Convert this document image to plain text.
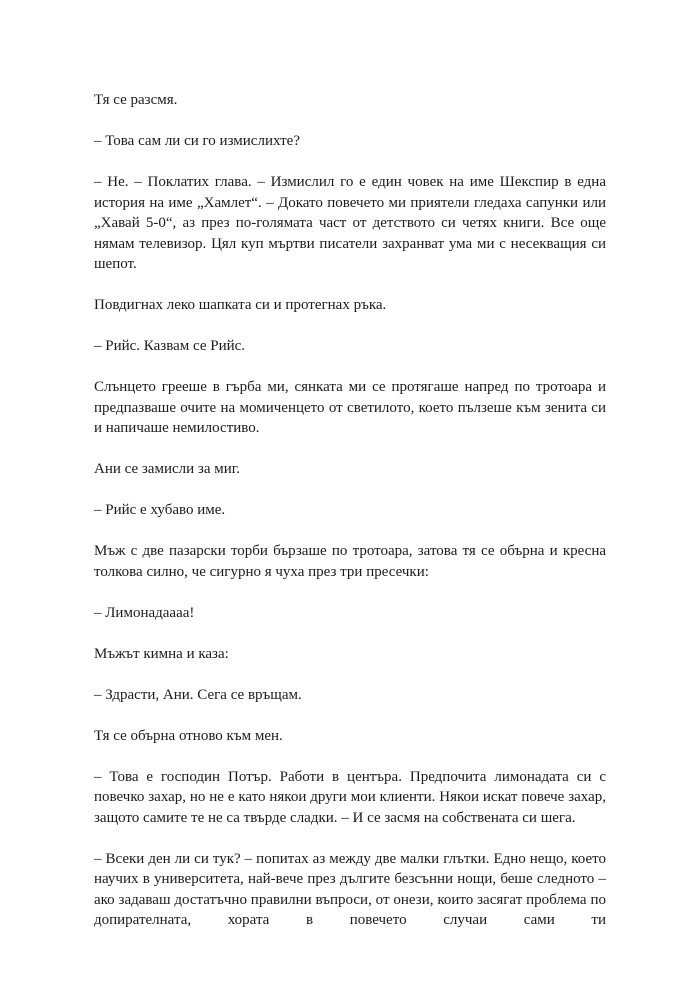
Тя се разсмя.

– Това сам ли си го измислихте?

– Не. – Поклатих глава. – Измислил го е един човек на име Шекспир в една история на име „Хамлет“. – Докато повечето ми приятели гледаха сапунки или „Хавай 5-0“, аз през по-голямата част от детството си четях книги. Все още нямам телевизор. Цял куп мъртви писатели захранват ума ми с несекващия си шепот.

Повдигнах леко шапката си и протегнах ръка.

– Рийс. Казвам се Рийс.

Слънцето грееше в гърба ми, сянката ми се протягаше напред по тротоара и предпазваше очите на момиченцето от светилото, което пълзеше към зенита си и напичаше немилостиво.

Ани се замисли за миг.

– Рийс е хубаво име.

Мъж с две пазарски торби бързаше по тротоара, затова тя се обърна и кресна толкова силно, че сигурно я чуха през три пресечки:

– Лимонадаааа!

Мъжът кимна и каза:

– Здрасти, Ани. Сега се връщам.

Тя се обърна отново към мен.

– Това е господин Потър. Работи в центъра. Предпочита лимонадата си с повечко захар, но не е като някои други мои клиенти. Някои искат повече захар, защото самите те не са твърде сладки. – И се засмя на собствената си шега.

– Всеки ден ли си тук? – попитах аз между две малки глътки. Едно нещо, което научих в университета, най-вече през дългите безсънни нощи, беше следното – ако задаваш достатъчно правилни въпроси, от онези, които засягат проблема по допирателната, хората в повечето случаи сами ти
